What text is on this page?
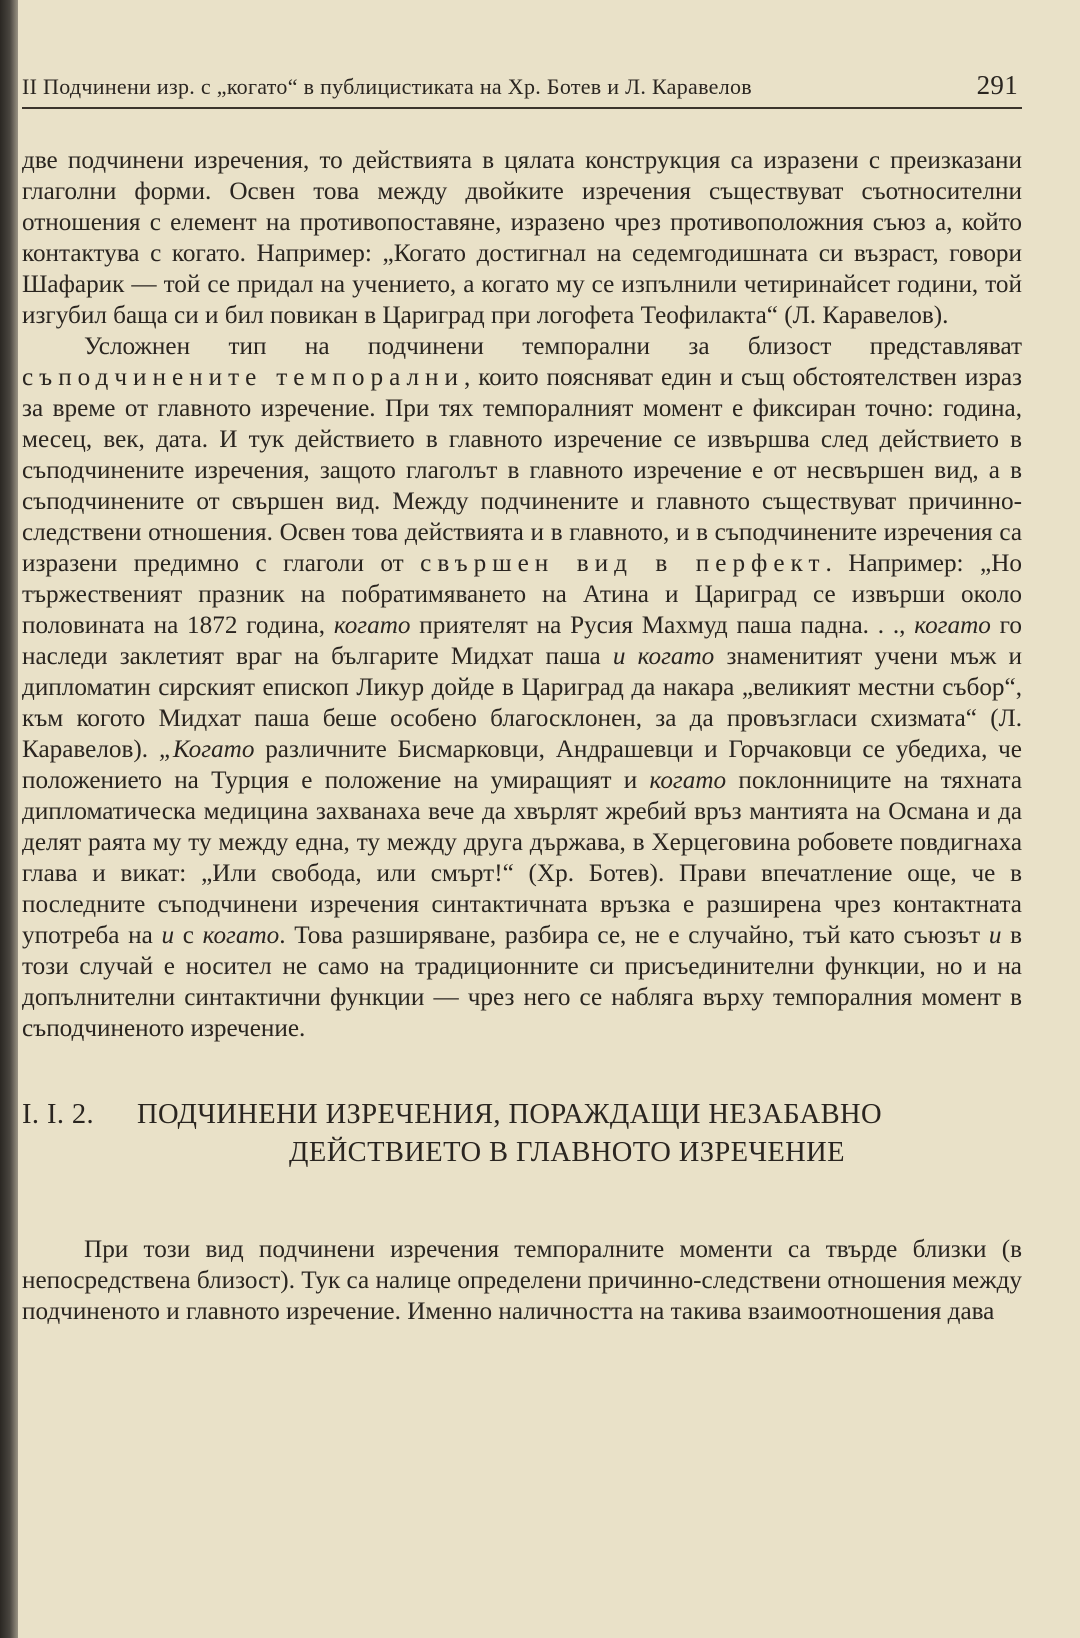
II Подчинени изр. с „когато“ в публицистиката на Хр. Ботев и Л. Каравелов	291

две подчинени изречения, то действията в цялата конструкция са изразени с преизказани глаголни форми. Освен това между двойките изречения съществуват съотносителни отношения с елемент на противопоставяне, изразено чрез противоположния съюз а, който контактува с когато. Например: „Когато достигнал на седемгодишната си възраст, говори Шафарик — той се придал на учението, а когато му се изпълнили четиринайсет години, той изгубил баща си и бил повикан в Цариград при логофета Теофилакта“ (Л. Каравелов).

Усложнен тип на подчинени темпорални за близост представляват съподчинените темпорални, които поясняват един и същ обстоятелствен израз за време от главното изречение. При тях темпоралният момент е фиксиран точно: година, месец, век, дата. И тук действието в главното изречение се извършва след действието в съподчинените изречения, защото глаголът в главното изречение е от несвършен вид, а в съподчинените от свършен вид. Между подчинените и главното съществуват причинно-следствени отношения. Освен това действията и в главното, и в съподчинените изречения са изразени предимно с глаголи от свършен вид в перфект. Например: „Но тържественият празник на побратимяването на Атина и Цариград се извърши около половината на 1872 година, когато приятелят на Русия Махмуд паша падна. . ., когато го наследи заклетият враг на българите Мидхат паша и когато знаменитият учени мъж и дипломатин сирският епископ Ликур дойде в Цариград да накара „великият местни събор“, към когото Мидхат паша беше особено благосклонен, за да провъзгласи схизмата“ (Л. Каравелов). „Когато различните Бисмарковци, Андрашевци и Горчаковци се убедиха, че положението на Турция е положение на умиращият и когато поклонниците на тяхната дипломатическа медицина захванаха вече да хвърлят жребий връз мантията на Османа и да делят раята му ту между една, ту между друга държава, в Херцеговина робовете повдигнаха глава и викат: „Или свобода, или смърт!“ (Хр. Ботев). Прави впечатление още, че в последните съподчинени изречения синтактичната връзка е разширена чрез контактната употреба на и с когато. Това разширяване, разбира се, не е случайно, тъй като съюзът и в този случай е носител не само на традиционните си присъединителни функции, но и на допълнителни синтактични функции — чрез него се набляга върху темпоралния момент в съподчиненото изречение.

I. I. 2.	ПОДЧИНЕНИ ИЗРЕЧЕНИЯ, ПОРАЖДАЩИ НЕЗАБАВНО
ДЕЙСТВИЕТО В ГЛАВНОТО ИЗРЕЧЕНИЕ

При този вид подчинени изречения темпоралните моменти са твърде близки (в непосредствена близост). Тук са налице определени причинно-следствени отношения между подчиненото и главното изречение. Именно наличността на такива взаимоотношения дава
